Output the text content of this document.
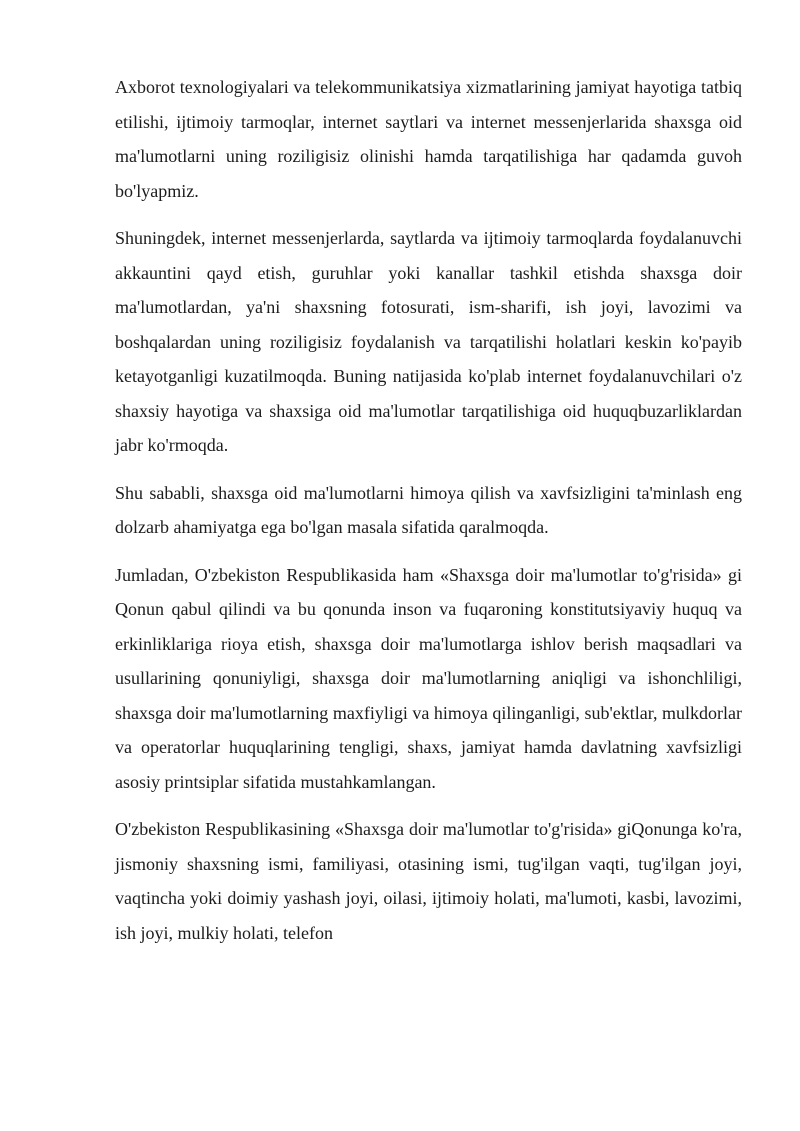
Axborot texnologiyalari va telekommunikatsiya xizmatlarining jamiyat hayotiga tatbiq etilishi, ijtimoiy tarmoqlar, internet saytlari va internet messenjerlarida shaxsga oid ma'lumotlarni uning roziligisiz olinishi hamda tarqatilishiga har qadamda guvoh bo'lyapmiz.

Shuningdek, internet messenjerlarda, saytlarda va ijtimoiy tarmoqlarda foydalanuvchi akkauntini qayd etish, guruhlar yoki kanallar tashkil etishda shaxsga doir ma'lumotlardan, ya'ni shaxsning fotosurati, ism-sharifi, ish joyi, lavozimi va boshqalardan uning roziligisiz foydalanish va tarqatilishi holatlari keskin ko'payib ketayotganligi kuzatilmoqda. Buning natijasida ko'plab internet foydalanuvchilari o'z shaxsiy hayotiga va shaxsiga oid ma'lumotlar tarqatilishiga oid huquqbuzarliklardan jabr ko'rmoqda.

Shu sababli, shaxsga oid ma'lumotlarni himoya qilish va xavfsizligini ta'minlash eng dolzarb ahamiyatga ega bo'lgan masala sifatida qaralmoqda.

Jumladan, O'zbekiston Respublikasida ham «Shaxsga doir ma'lumotlar to'g'risida» gi Qonun qabul qilindi va bu qonunda inson va fuqaroning konstitutsiyaviy huquq va erkinliklariga rioya etish, shaxsga doir ma'lumotlarga ishlov berish maqsadlari va usullarining qonuniyligi, shaxsga doir ma'lumotlarning aniqligi va ishonchliligi, shaxsga doir ma'lumotlarning maxfiyligi va himoya qilinganligi, sub'ektlar, mulkdorlar va operatorlar huquqlarining tengligi, shaxs, jamiyat hamda davlatning xavfsizligi asosiy printsiplar sifatida mustahkamlangan.

O'zbekiston Respublikasining «Shaxsga doir ma'lumotlar to'g'risida» giQonunga ko'ra, jismoniy shaxsning ismi, familiyasi, otasining ismi, tug'ilgan vaqti, tug'ilgan joyi, vaqtincha yoki doimiy yashash joyi, oilasi, ijtimoiy holati, ma'lumoti, kasbi, lavozimi, ish joyi, mulkiy holati, telefon
